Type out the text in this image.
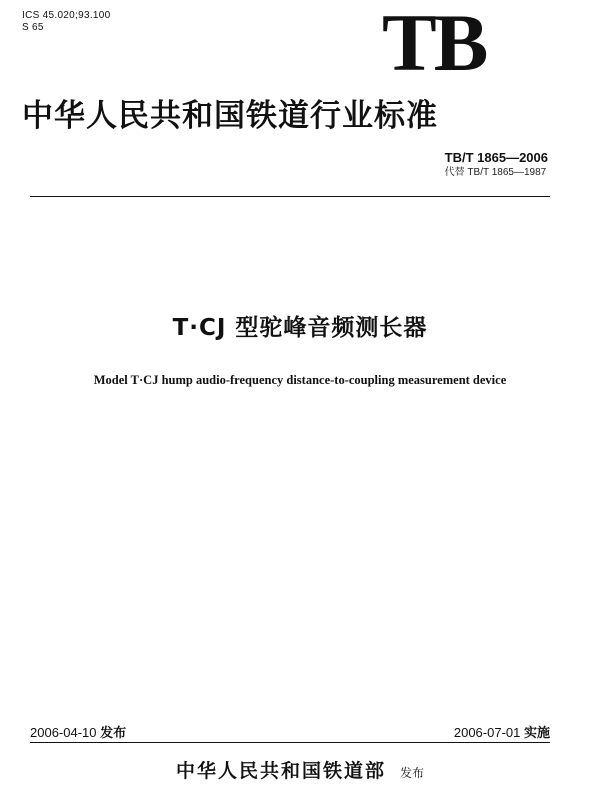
ICS 45.020;93.100
S 65	TB
中华人民共和国铁道行业标准
TB/T 1865—2006
代替 TB/T 1865—1987
T·CJ 型驼峰音频测长器
Model T·CJ hump audio-frequency distance-to-coupling measurement device
2006-04-10 发布	2006-07-01 实施
中华人民共和国铁道部 发布
